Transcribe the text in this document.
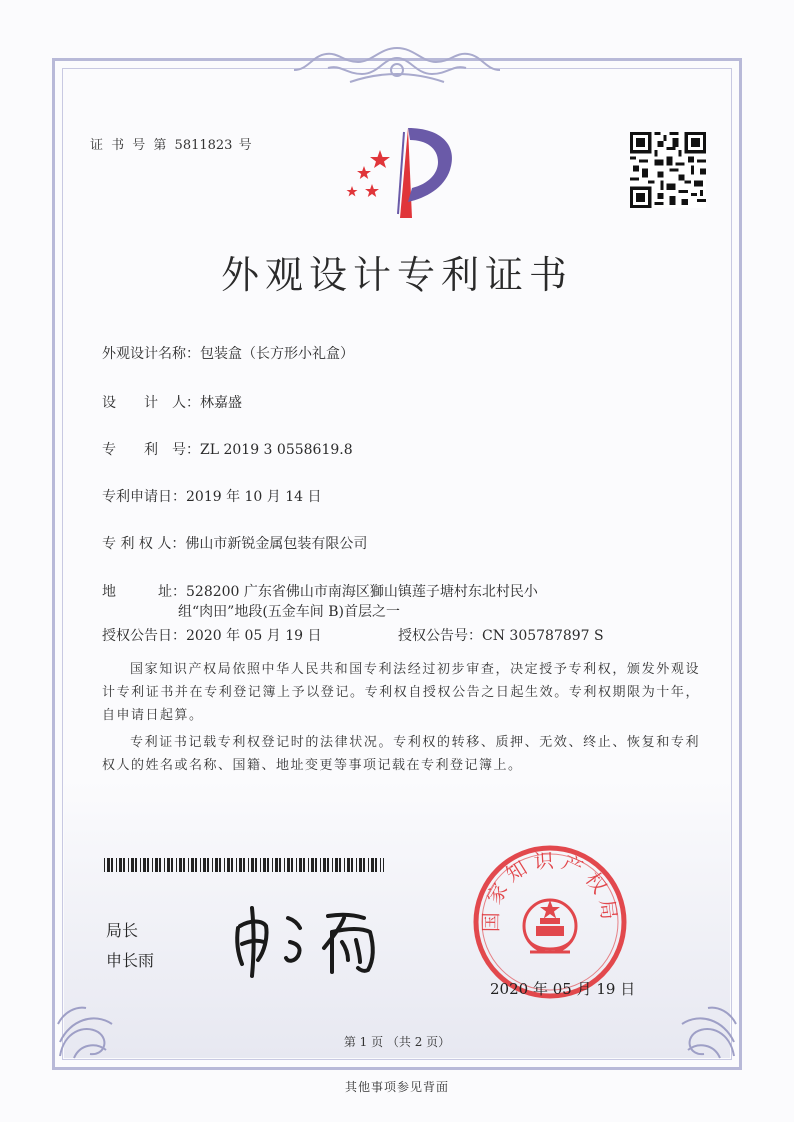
证 书 号 第 5811823 号
外观设计专利证书
外观设计名称：包装盒（长方形小礼盒）
设　　计　人：林嘉盛
专　　利　号：ZL 2019 3 0558619.8
专利申请日：2019 年 10 月 14 日
专 利 权 人：佛山市新锐金属包装有限公司
地　　　址：528200 广东省佛山市南海区獅山镇莲子塘村东北村民小
组“肉田”地段(五金车间 B)首层之一
授权公告日：2020 年 05 月 19 日	授权公告号：CN 305787897 S
国家知识产权局依照中华人民共和国专利法经过初步审查，决定授予专利权，颁发外观设计专利证书并在专利登记簿上予以登记。专利权自授权公告之日起生效。专利权期限为十年，自申请日起算。
专利证书记载专利权登记时的法律状况。专利权的转移、质押、无效、终止、恢复和专利权人的姓名或名称、国籍、地址变更等事项记载在专利登记簿上。
局长
申长雨
国家知识产权局
2020 年 05 月 19 日
第 1 页 （共 2 页）
其他事项参见背面
